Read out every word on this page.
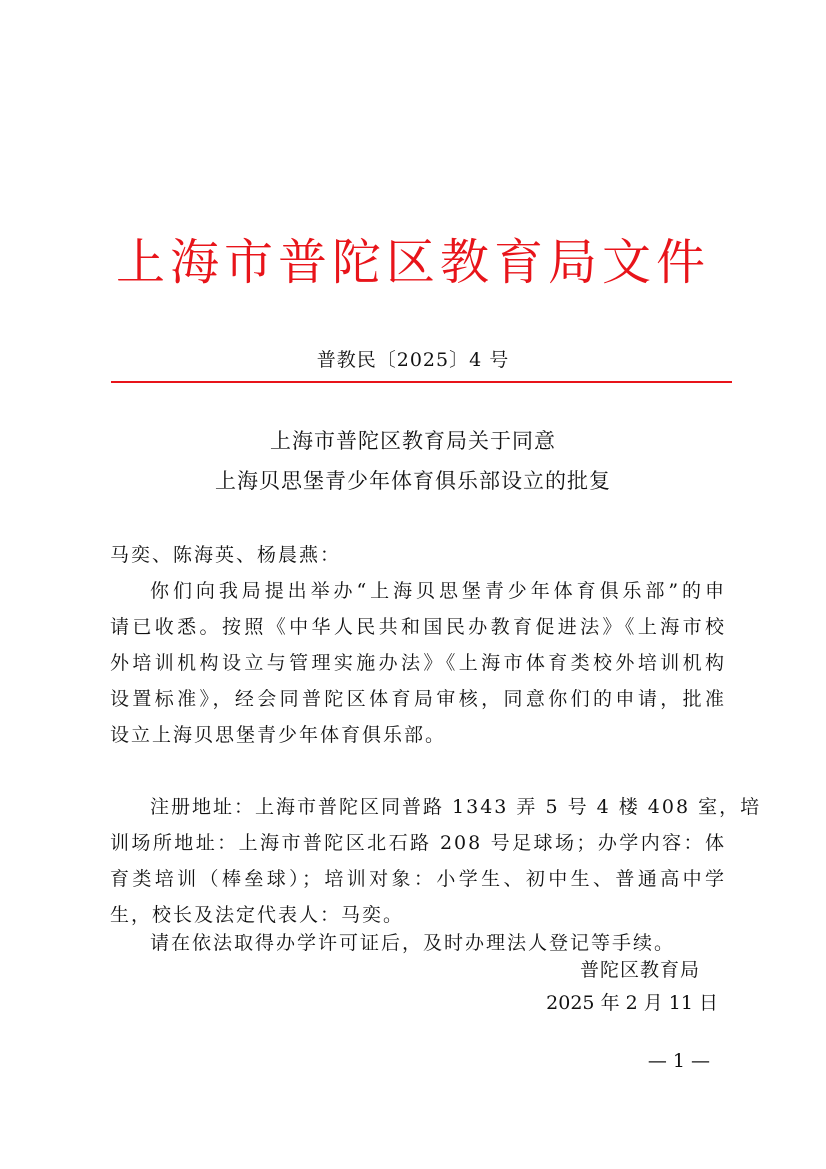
上海市普陀区教育局文件
普教民〔2025〕4 号
上海市普陀区教育局关于同意
上海贝思堡青少年体育俱乐部设立的批复
马奕、陈海英、杨晨燕：
你们向我局提出举办“上海贝思堡青少年体育俱乐部”的申
请已收悉。按照《中华人民共和国民办教育促进法》《上海市校
外培训机构设立与管理实施办法》《上海市体育类校外培训机构
设置标准》，经会同普陀区体育局审核，同意你们的申请，批准
设立上海贝思堡青少年体育俱乐部。
注册地址：上海市普陀区同普路 1343 弄 5 号 4 楼 408 室，培
训场所地址：上海市普陀区北石路 208 号足球场；办学内容：体
育类培训（棒垒球）；培训对象：小学生、初中生、普通高中学
生，校长及法定代表人：马奕。
请在依法取得办学许可证后，及时办理法人登记等手续。
普陀区教育局
2025 年 2 月 11 日
— 1 —
